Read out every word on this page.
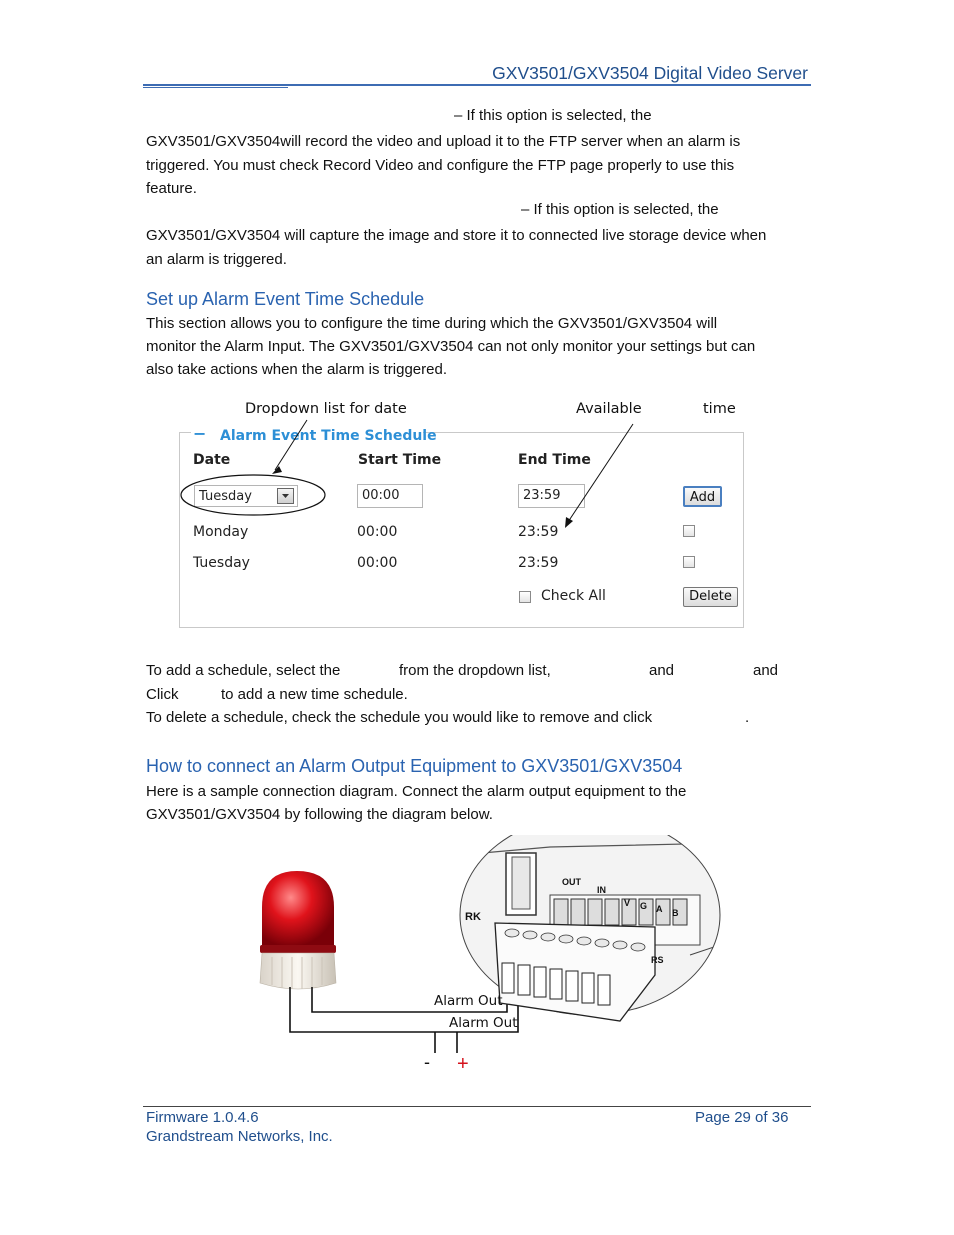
GXV3501/GXV3504 Digital Video Server
– If this option is selected, the
GXV3501/GXV3504will record the video and upload it to the FTP server when an alarm is
triggered. You must check Record Video and configure the FTP page properly to use this
feature.
– If this option is selected, the
GXV3501/GXV3504 will capture the image and store it to connected live storage device when
an alarm is triggered.
Set up Alarm Event Time Schedule
This section allows you to configure the time during which the GXV3501/GXV3504 will
monitor the Alarm Input. The GXV3501/GXV3504 can not only monitor your settings but can
also take actions when the alarm is triggered.
Dropdown list for date	Available	time
− Alarm Event Time Schedule
Date	Start Time	End Time
Tuesday	00:00	23:59	Add
Monday	00:00	23:59
Tuesday	00:00	23:59
Check All	Delete
To add a schedule, select the	from the dropdown list,	and	and
Click	to add a new time schedule.
To delete a schedule, check the schedule you would like to remove and click	.
How to connect an Alarm Output Equipment to GXV3501/GXV3504
Here is a sample connection diagram. Connect the alarm output equipment to the
GXV3501/GXV3504 by following the diagram below.
OUT
IN
V G A B
RK
RS
Alarm Out
Alarm Out
- +
Firmware 1.0.4.6
Grandstream Networks, Inc.
Page 29 of 36
